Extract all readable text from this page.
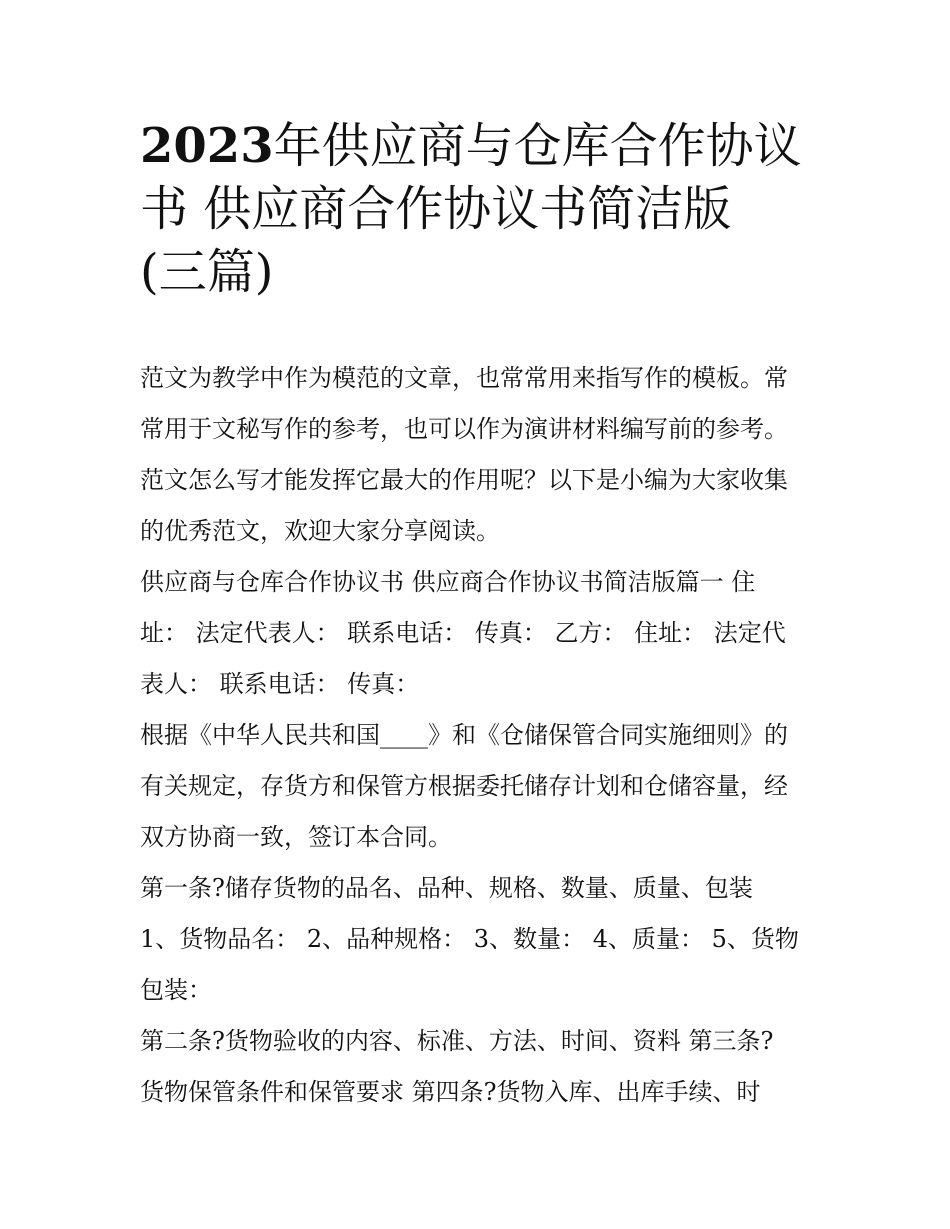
2023年供应商与仓库合作协议
书 供应商合作协议书简洁版
(三篇)
范文为教学中作为模范的文章，也常常用来指写作的模板。常
常用于文秘写作的参考，也可以作为演讲材料编写前的参考。
范文怎么写才能发挥它最大的作用呢？以下是小编为大家收集
的优秀范文，欢迎大家分享阅读。
供应商与仓库合作协议书 供应商合作协议书简洁版篇一 住
址： 法定代表人： 联系电话： 传真： 乙方： 住址： 法定代
表人： 联系电话： 传真：
根据《中华人民共和国____》和《仓储保管合同实施细则》的
有关规定，存货方和保管方根据委托储存计划和仓储容量，经
双方协商一致，签订本合同。
第一条?储存货物的品名、品种、规格、数量、质量、包装
1、货物品名： 2、品种规格： 3、数量： 4、质量： 5、货物
包装：
第二条?货物验收的内容、标准、方法、时间、资料 第三条?
货物保管条件和保管要求 第四条?货物入库、出库手续、时
